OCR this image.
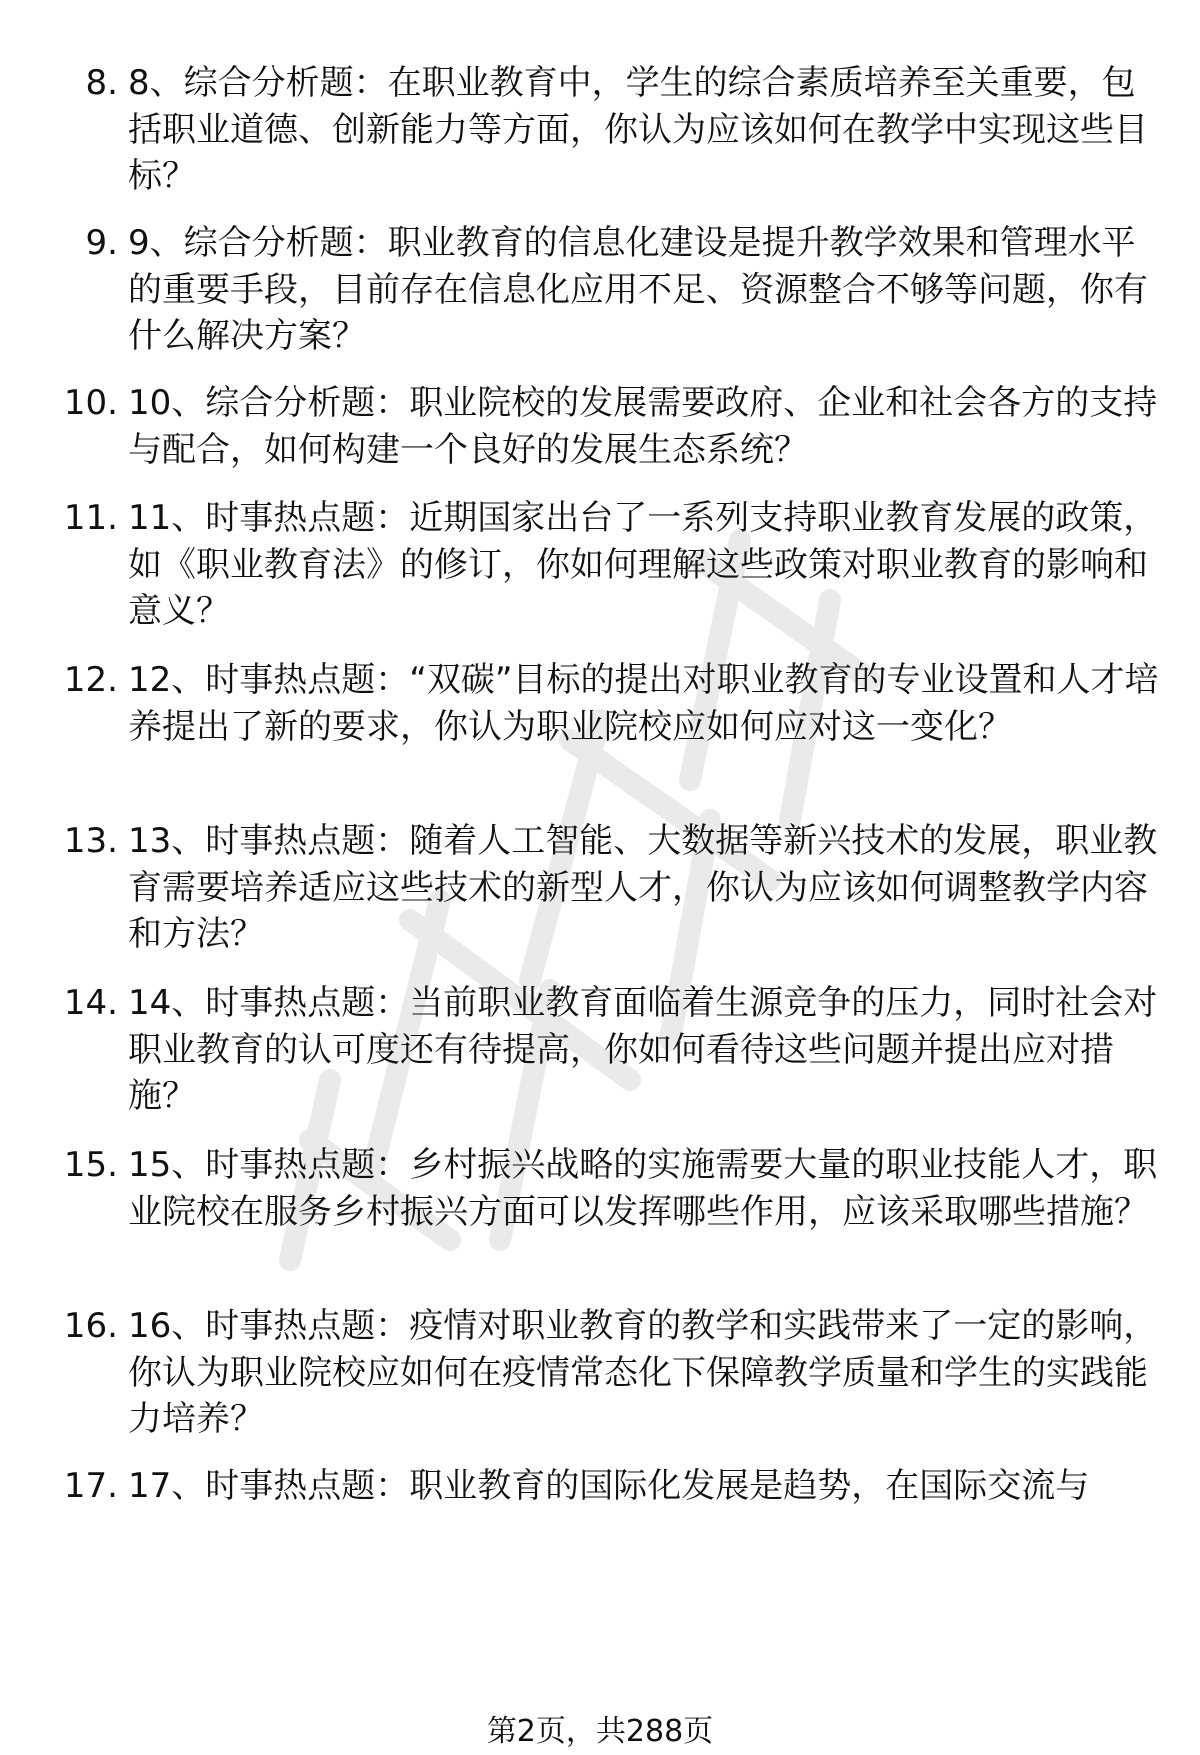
8. 8、综合分析题：在职业教育中，学生的综合素质培养至关重要，包括职业道德、创新能力等方面，你认为应该如何在教学中实现这些目标？
9. 9、综合分析题：职业教育的信息化建设是提升教学效果和管理水平的重要手段，目前存在信息化应用不足、资源整合不够等问题，你有什么解决方案？
10. 10、综合分析题：职业院校的发展需要政府、企业和社会各方的支持与配合，如何构建一个良好的发展生态系统？
11. 11、时事热点题：近期国家出台了一系列支持职业教育发展的政策，如《职业教育法》的修订，你如何理解这些政策对职业教育的影响和意义？
12. 12、时事热点题：“双碳”目标的提出对职业教育的专业设置和人才培养提出了新的要求，你认为职业院校应如何应对这一变化？
13. 13、时事热点题：随着人工智能、大数据等新兴技术的发展，职业教育需要培养适应这些技术的新型人才，你认为应该如何调整教学内容和方法？
14. 14、时事热点题：当前职业教育面临着生源竞争的压力，同时社会对职业教育的认可度还有待提高，你如何看待这些问题并提出应对措施？
15. 15、时事热点题：乡村振兴战略的实施需要大量的职业技能人才，职业院校在服务乡村振兴方面可以发挥哪些作用，应该采取哪些措施？
16. 16、时事热点题：疫情对职业教育的教学和实践带来了一定的影响，你认为职业院校应如何在疫情常态化下保障教学质量和学生的实践能力培养？
17. 17、时事热点题：职业教育的国际化发展是趋势，在国际交流与
第2页，共288页
